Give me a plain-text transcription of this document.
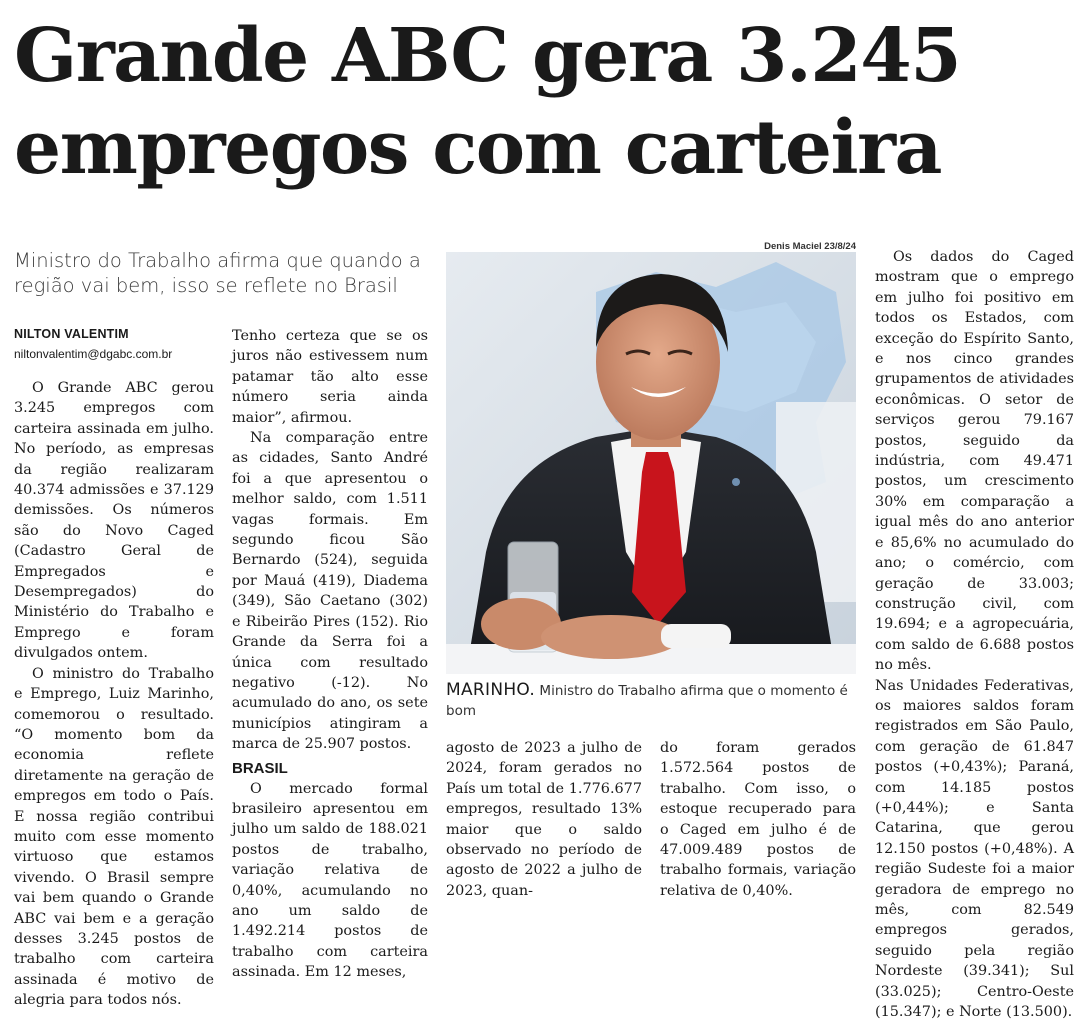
Grande ABC gera 3.245
empregos com carteira

Ministro do Trabalho afirma que quando a região vai bem, isso se reflete no Brasil

NILTON VALENTIM
niltonvalentim@dgabc.com.br

O Grande ABC gerou 3.245 empregos com carteira assinada em julho. No período, as empresas da região realizaram 40.374 admissões e 37.129 demissões. Os números são do Novo Caged (Cadastro Geral de Empregados e Desempregados) do Ministério do Trabalho e Emprego e foram divulgados ontem.

O ministro do Trabalho e Emprego, Luiz Marinho, comemorou o resultado. “O momento bom da economia reflete diretamente na geração de empregos em todo o País. E nossa região contribui muito com esse momento virtuoso que estamos vivendo. O Brasil sempre vai bem quando o Grande ABC vai bem e a geração desses 3.245 postos de trabalho com carteira assinada é motivo de alegria para todos nós.

Tenho certeza que se os juros não estivessem num patamar tão alto esse número seria ainda maior”, afirmou.

Na comparação entre as cidades, Santo André foi a que apresentou o melhor saldo, com 1.511 vagas formais. Em segundo ficou São Bernardo (524), seguida por Mauá (419), Diadema (349), São Caetano (302) e Ribeirão Pires (152). Rio Grande da Serra foi a única com resultado negativo (-12). No acumulado do ano, os sete municípios atingiram a marca de 25.907 postos.

BRASIL

O mercado formal brasileiro apresentou em julho um saldo de 188.021 postos de trabalho, variação relativa de 0,40%, acumulando no ano um saldo de 1.492.214 postos de trabalho com carteira assinada. Em 12 meses,

Denis Maciel 23/8/24
MARINHO. Ministro do Trabalho afirma que o momento é bom

agosto de 2023 a julho de 2024, foram gerados no País um total de 1.776.677 empregos, resultado 13% maior que o saldo observado no período de agosto de 2022 a julho de 2023, quan-

do foram gerados 1.572.564 postos de trabalho. Com isso, o estoque recuperado para o Caged em julho é de 47.009.489 postos de trabalho formais, variação relativa de 0,40%.

Os dados do Caged mostram que o emprego em julho foi positivo em todos os Estados, com exceção do Espírito Santo, e nos cinco grandes grupamentos de atividades econômicas. O setor de serviços gerou 79.167 postos, seguido da indústria, com 49.471 postos, um crescimento 30% em comparação a igual mês do ano anterior e 85,6% no acumulado do ano; o comércio, com geração de 33.003; construção civil, com 19.694; e a agropecuária, com saldo de 6.688 postos no mês.

Nas Unidades Federativas, os maiores saldos foram registrados em São Paulo, com geração de 61.847 postos (+0,43%); Paraná, com 14.185 postos (+0,44%); e Santa Catarina, que gerou 12.150 postos (+0,48%). A região Sudeste foi a maior geradora de emprego no mês, com 82.549 empregos gerados, seguido pela região Nordeste (39.341); Sul (33.025); Centro-Oeste (15.347); e Norte (13.500).
